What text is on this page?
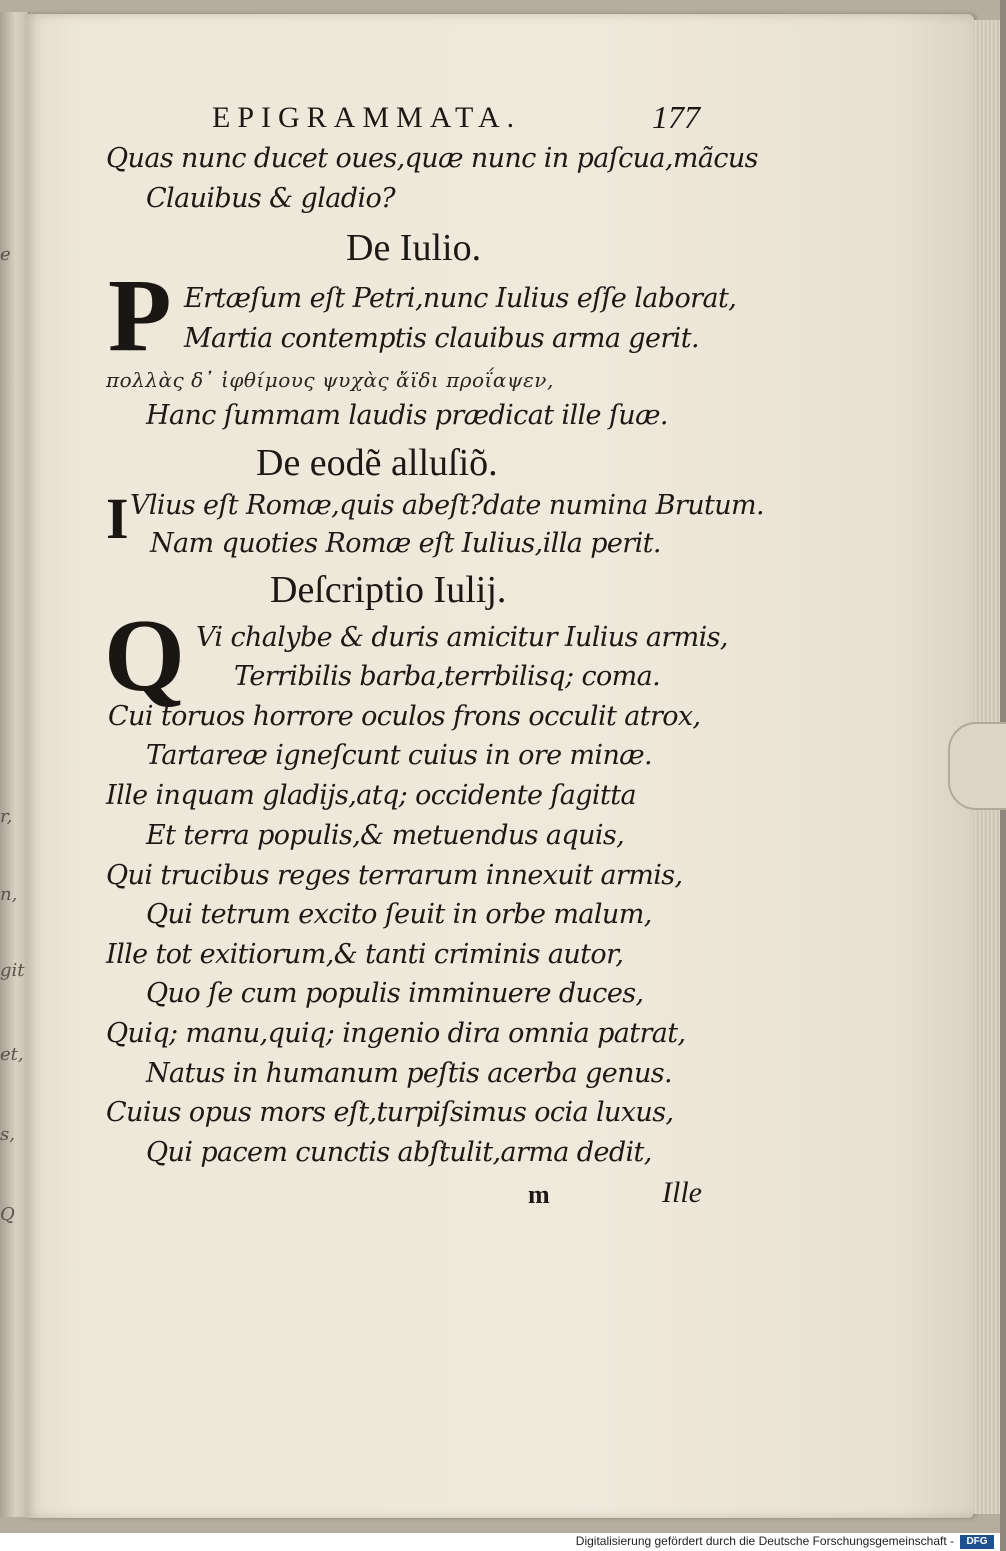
e
r,
n,
git
et,
s,
Q
EPIGRAMMATA.	177
Quas nunc ducet oues,quæ nunc in paſcua,mãcus
Clauibus & gladio?
De Iulio.
P Ertæſum eſt Petri,nunc Iulius eſſe laborat,
Martia contemptis clauibus arma gerit.
πολλὰς δ᾽ ἰφθίμους ψυχὰς ἄϊδι προΐαψεν,
Hanc ſummam laudis prædicat ille ſuæ.
De eodẽ alluſiõ.
I Vlius eſt Romæ,quis abeſt?date numina Brutum.
Nam quoties Romæ eſt Iulius,illa perit.
Deſcriptio Iulij.
Q Vi chalybe & duris amicitur Iulius armis,
Terribilis barba,terrbilisq; coma.
Cui toruos horrore oculos frons occulit atrox,
Tartareæ igneſcunt cuius in ore minæ.
Ille inquam gladijs,atq; occidente ſagitta
Et terra populis,& metuendus aquis,
Qui trucibus reges terrarum innexuit armis,
Qui tetrum excito ſeuit in orbe malum,
Ille tot exitiorum,& tanti criminis autor,
Quo ſe cum populis imminuere duces,
Quiq; manu,quiq; ingenio dira omnia patrat,
Natus in humanum peſtis acerba genus.
Cuius opus mors eſt,turpiſsimus ocia luxus,
Qui pacem cunctis abſtulit,arma dedit,
m	Ille
Digitalisierung gefördert durch die Deutsche Forschungsgemeinschaft -	DFG
